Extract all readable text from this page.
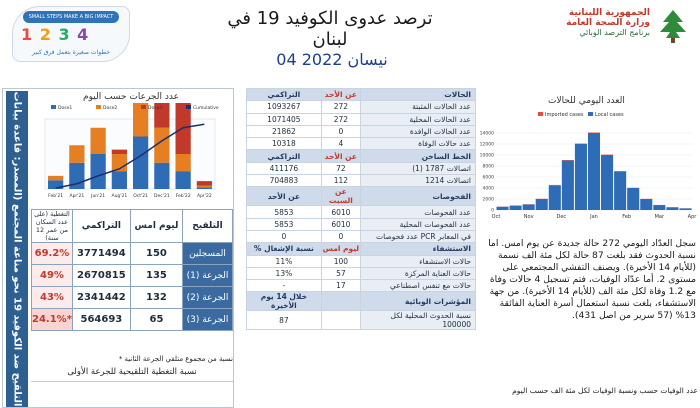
SMALL STEPS MAKE A BIG IMPACT
1 2 3 4
خطوات صغيرة بتعمل فرق كبير
ترصد عدوى الكوفيد 19 في لبنان
04 نيسان 2022
الجمهورية اللبنانية
وزارة الصحة العامة
برنامج الترصد الوبائي
التلقيح ضد الكوفيد 19 نحو مناعة المجتمع (المصدر: قاعدة بيانات
عدد الجرعات حسب اليوم
Feb'21 Apr'21 Jun'21 Aug'21 Oct'21 Dec'21 Feb'22 Apr'22
Dose1	Dose2	Dose3	Cumulative
التغطية (على عدد السكان من عمر 12 سنة)	التراكمي	ليوم امس	التلقيح
69.2%	3771494	150	المسجلين
49%	2670815	135	الجرعة (1)
43%	2341442	132	الجرعة (2)
24.1%*	564693	65	الجرعة (3)
* نسبة من مجموع متلقي الجرعة الثانية
نسبة التغطية التلقيحية للجرعة الأولى
التراكمي	عن الأحد	الحالات
1093267	272	عدد الحالات المثبتة
1071405	272	عدد الحالات المحلية
21862	0	عدد الحالات الوافدة
10318	4	عدد حالات الوفاة
التراكمي	عن الأحد	الخط الساخن
411176	72	اتصالات 1787 (1)
704883	112	اتصالات 1214
عن الأحد	عن السبت	الفحوصات
5853	6010	عدد الفحوصات
5853	6010	عدد الفحوصات المحلية
0	0	عدد فحوصات PCR في المعابر
% نسبة الإشغال	ليوم امس	الاستشفاء
11%	100	حالات الاستشفاء
13%	57	حالات العناية المركزة
-	17	حالات مع تنفس اصطناعي
خلال 14 يوم الأخيرة		المؤشرات الوبائية
87		نسبة الحدوث المحلية لكل 100000
العدد اليومي للحالات
0
2000
4000
6000
8000
10000
12000
14000
Oct	Nov	Dec	Jan	Feb	Mar	Apr
Imported cases Local cases
سجل العدّاد اليومي 272 حالة جديدة عن يوم امس. اما نسبة الحدوث فقد بلغت 87 حالة لكل مئة الف نسمة (للأيام 14 الأخيرة). ويصنف التفشي المجتمعي على مستوى 2. أما عدّاد الوفيات، فتم تسجيل 4 حالات وفاة مع 1.2 وفاة لكل مئة الف (للأيام 14 الأخيرة). من جهة الاستشفاء، بلغت نسبة استعمال أسرة العناية الفائقة 13% (57 سرير من اصل 431).
عدد الوفيات حسب ونسبة الوفيات لكل مئة الف حسب اليوم
